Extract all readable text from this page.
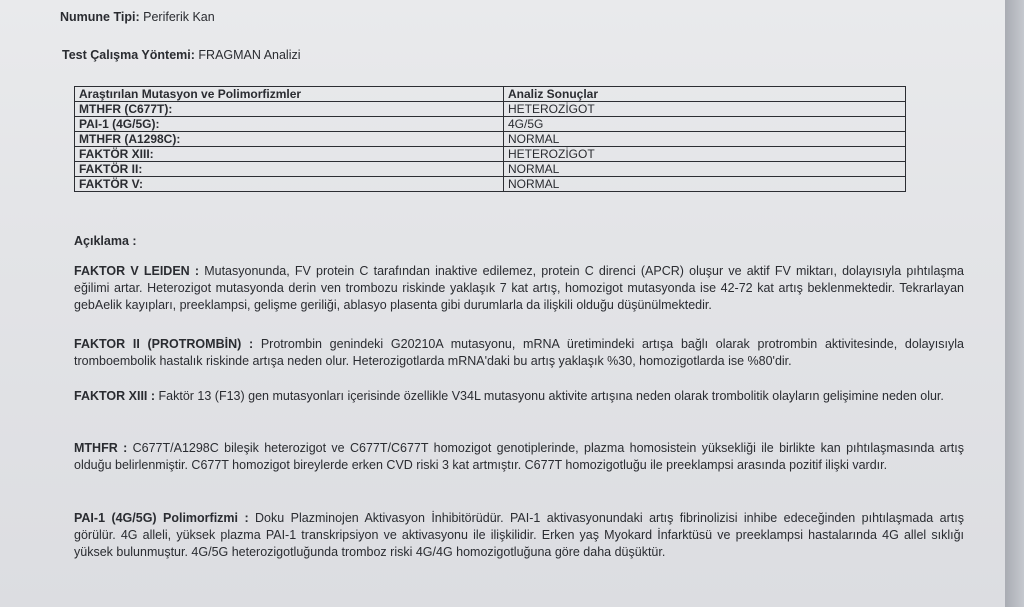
Numune Tipi: Periferik Kan
Test Çalışma Yöntemi: FRAGMAN Analizi
Araştırılan Mutasyon ve Polimorfizmler	Analiz Sonuçlar
MTHFR (C677T):	HETEROZİGOT
PAI-1 (4G/5G):	4G/5G
MTHFR (A1298C):	NORMAL
FAKTÖR XIII:	HETEROZİGOT
FAKTÖR II:	NORMAL
FAKTÖR V:	NORMAL
Açıklama :
FAKTOR V LEIDEN : Mutasyonunda, FV protein C tarafından inaktive edilemez, protein C direnci (APCR) oluşur ve aktif FV miktarı, dolayısıyla pıhtılaşma eğilimi artar. Heterozigot mutasyonda derin ven trombozu riskinde yaklaşık 7 kat artış, homozigot mutasyonda ise 42-72 kat artış beklenmektedir. Tekrarlayan gebAelik kayıpları, preeklampsi, gelişme geriliği, ablasyo plasenta gibi durumlarla da ilişkili olduğu düşünülmektedir.
FAKTOR II (PROTROMBİN) : Protrombin genindeki G20210A mutasyonu, mRNA üretimindeki artışa bağlı olarak protrombin aktivitesinde, dolayısıyla tromboembolik hastalık riskinde artışa neden olur. Heterozigotlarda mRNA'daki bu artış yaklaşık %30, homozigotlarda ise %80'dir.
FAKTOR XIII : Faktör 13 (F13) gen mutasyonları içerisinde özellikle V34L mutasyonu aktivite artışına neden olarak trombolitik olayların gelişimine neden olur.
MTHFR : C677T/A1298C bileşik heterozigot ve C677T/C677T homozigot genotiplerinde, plazma homosistein yüksekliği ile birlikte kan pıhtılaşmasında artış olduğu belirlenmiştir. C677T homozigot bireylerde erken CVD riski 3 kat artmıştır. C677T homozigotluğu ile preeklampsi arasında pozitif ilişki vardır.
PAI-1 (4G/5G) Polimorfizmi : Doku Plazminojen Aktivasyon İnhibitörüdür. PAI-1 aktivasyonundaki artış fibrinolizisi inhibe edeceğinden pıhtılaşmada artış görülür. 4G alleli, yüksek plazma PAI-1 transkripsiyon ve aktivasyonu ile ilişkilidir. Erken yaş Myokard İnfarktüsü ve preeklampsi hastalarında 4G allel sıklığı yüksek bulunmuştur. 4G/5G heterozigotluğunda tromboz riski 4G/4G homozigotluğuna göre daha düşüktür.
